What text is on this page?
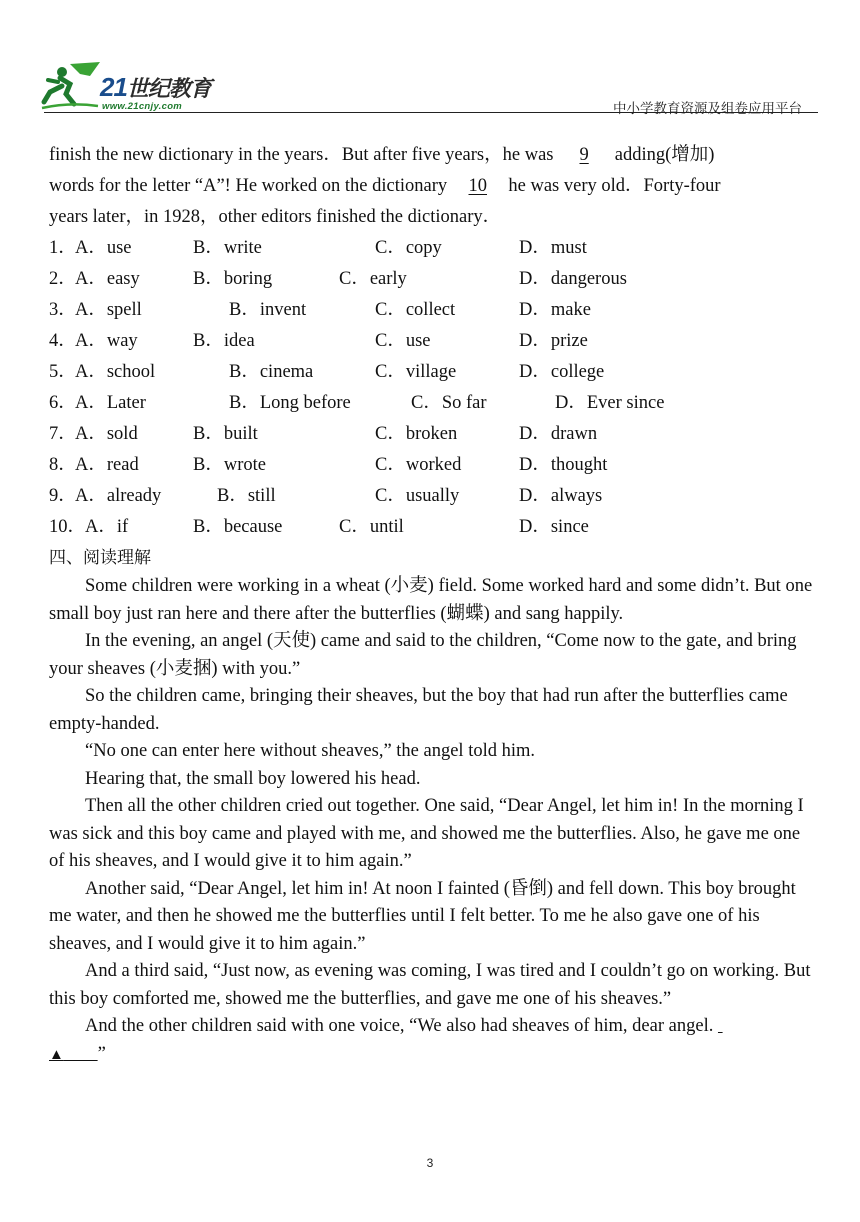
21世纪教育
www.21cnjy.com	中小学教育资源及组卷应用平台
finish the new dictionary in the years．But after five years，he was 9 adding(增加)
words for the letter “A”! He worked on the dictionary 10 he was very old．Forty-four
years later，in 1928，other editors finished the dictionary．
1．
A．use	B．write	C．copy	D．must
2．
A．easy	B．boring	C．early	D．dangerous
3．
A．spell	B．invent	C．collect	D．make
4．
A．way	B．idea	C．use	D．prize
5．
A．school	B．cinema	C．village	D．college
6．
A．Later	B．Long before	C．So far	D．Ever since
7．
A．sold	B．built	C．broken	D．drawn
8．
A．read	B．wrote	C．worked	D．thought
9．
A．already	B．still	C．usually	D．always
10．
A．if	B．because	C．until	D．since
四、阅读理解

Some children were working in a wheat (小麦) field. Some worked hard and some didn’t. But one small boy just ran here and there after the butterflies (蝴蝶) and sang happily.

In the evening, an angel (天使) came and said to the children, “Come now to the gate, and bring your sheaves (小麦捆) with you.”

So the children came, bringing their sheaves, but the boy that had run after the butterflies came empty-handed.

“No one can enter here without sheaves,” the angel told him.

Hearing that, the small boy lowered his head.

Then all the other children cried out together. One said, “Dear Angel, let him in! In the morning I was sick and this boy came and played with me, and showed me the butterflies. Also, he gave me one of his sheaves, and I would give it to him again.”

Another said, “Dear Angel, let him in! At noon I fainted (昏倒) and fell down. This boy brought me water, and then he showed me the butterflies until I felt better. To me he also gave one of his sheaves, and I would give it to him again.”

And a third said, “Just now, as evening was coming, I was tired and I couldn’t go on working. But this boy comforted me, showed me the butterflies, and gave me one of his sheaves.”

And the other children said with one voice, “We also had sheaves of him, dear angel.
▲ ”

3
